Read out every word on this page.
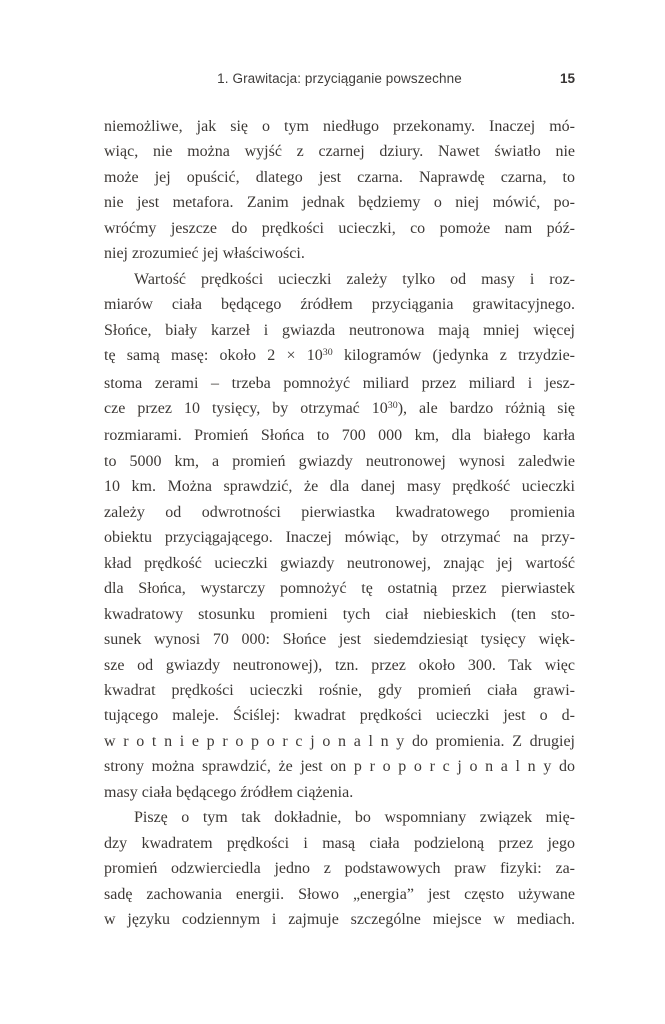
1. Grawitacja: przyciąganie powszechne	15
niemożliwe, jak się o tym niedługo przekonamy. Inaczej mó-
wiąc, nie można wyjść z czarnej dziury. Nawet światło nie
może jej opuścić, dlatego jest czarna. Naprawdę czarna, to
nie jest metafora. Zanim jednak będziemy o niej mówić, po-
wróćmy jeszcze do prędkości ucieczki, co pomoże nam póź-
niej zrozumieć jej właściwości.
Wartość prędkości ucieczki zależy tylko od masy i roz-
miarów ciała będącego źródłem przyciągania grawitacyjnego.
Słońce, biały karzeł i gwiazda neutronowa mają mniej więcej
tę samą masę: około $2 \times 10^{30}$ kilogramów (jedynka z trzydzie-
stoma zerami – trzeba pomnożyć miliard przez miliard i jesz-
cze przez 10 tysięcy, by otrzymać $10^{30}$), ale bardzo różnią się
rozmiarami. Promień Słońca to 700 000 km, dla białego karła
to 5000 km, a promień gwiazdy neutronowej wynosi zaledwie
10 km. Można sprawdzić, że dla danej masy prędkość ucieczki
zależy od odwrotności pierwiastka kwadratowego promienia
obiektu przyciągającego. Inaczej mówiąc, by otrzymać na przy-
kład prędkość ucieczki gwiazdy neutronowej, znając jej wartość
dla Słońca, wystarczy pomnożyć tę ostatnią przez pierwiastek
kwadratowy stosunku promieni tych ciał niebieskich (ten sto-
sunek wynosi 70 000: Słońce jest siedemdziesiąt tysięcy więk-
sze od gwiazdy neutronowej), tzn. przez około 300. Tak więc
kwadrat prędkości ucieczki rośnie, gdy promień ciała grawi-
tującego maleje. Ściślej: kwadrat prędkości ucieczki jest o d-
w r o t n i e p r o p o r c j o n a l n y do promienia. Z drugiej
strony można sprawdzić, że jest on p r o p o r c j o n a l n y do
masy ciała będącego źródłem ciążenia.
Piszę o tym tak dokładnie, bo wspomniany związek mię-
dzy kwadratem prędkości i masą ciała podzieloną przez jego
promień odzwierciedla jedno z podstawowych praw fizyki: za-
sadę zachowania energii. Słowo „energia” jest często używane
w języku codziennym i zajmuje szczególne miejsce w mediach.
